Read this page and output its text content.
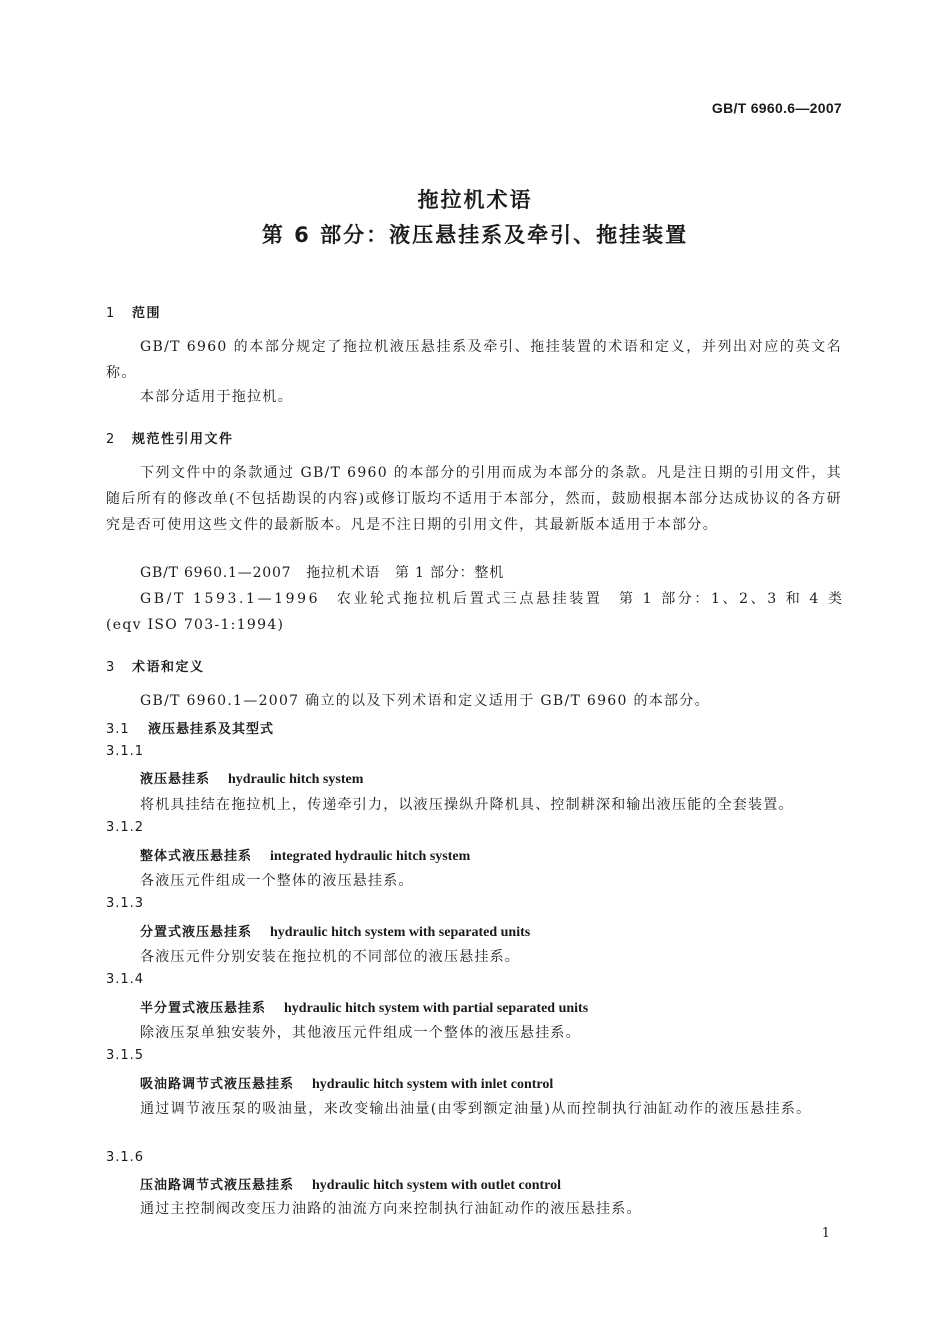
GB/T 6960.6—2007
拖拉机术语
第 6 部分：液压悬挂系及牵引、拖挂装置
1 范围
GB/T 6960 的本部分规定了拖拉机液压悬挂系及牵引、拖挂装置的术语和定义，并列出对应的英文名称。
本部分适用于拖拉机。
2 规范性引用文件
下列文件中的条款通过 GB/T 6960 的本部分的引用而成为本部分的条款。凡是注日期的引用文件，其随后所有的修改单(不包括勘误的内容)或修订版均不适用于本部分，然而，鼓励根据本部分达成协议的各方研究是否可使用这些文件的最新版本。凡是不注日期的引用文件，其最新版本适用于本部分。
GB/T 6960.1—2007　拖拉机术语　第 1 部分：整机
GB/T 1593.1—1996　农业轮式拖拉机后置式三点悬挂装置　第 1 部分：1、2、3 和 4 类
(eqv ISO 703-1:1994)
3 术语和定义
GB/T 6960.1—2007 确立的以及下列术语和定义适用于 GB/T 6960 的本部分。
3.1 液压悬挂系及其型式
3.1.1
液压悬挂系 hydraulic hitch system
将机具挂结在拖拉机上，传递牵引力，以液压操纵升降机具、控制耕深和输出液压能的全套装置。
3.1.2
整体式液压悬挂系 integrated hydraulic hitch system
各液压元件组成一个整体的液压悬挂系。
3.1.3
分置式液压悬挂系 hydraulic hitch system with separated units
各液压元件分别安装在拖拉机的不同部位的液压悬挂系。
3.1.4
半分置式液压悬挂系 hydraulic hitch system with partial separated units
除液压泵单独安装外，其他液压元件组成一个整体的液压悬挂系。
3.1.5
吸油路调节式液压悬挂系 hydraulic hitch system with inlet control
通过调节液压泵的吸油量，来改变输出油量(由零到额定油量)从而控制执行油缸动作的液压悬挂系。
3.1.6
压油路调节式液压悬挂系 hydraulic hitch system with outlet control
通过主控制阀改变压力油路的油流方向来控制执行油缸动作的液压悬挂系。
1
